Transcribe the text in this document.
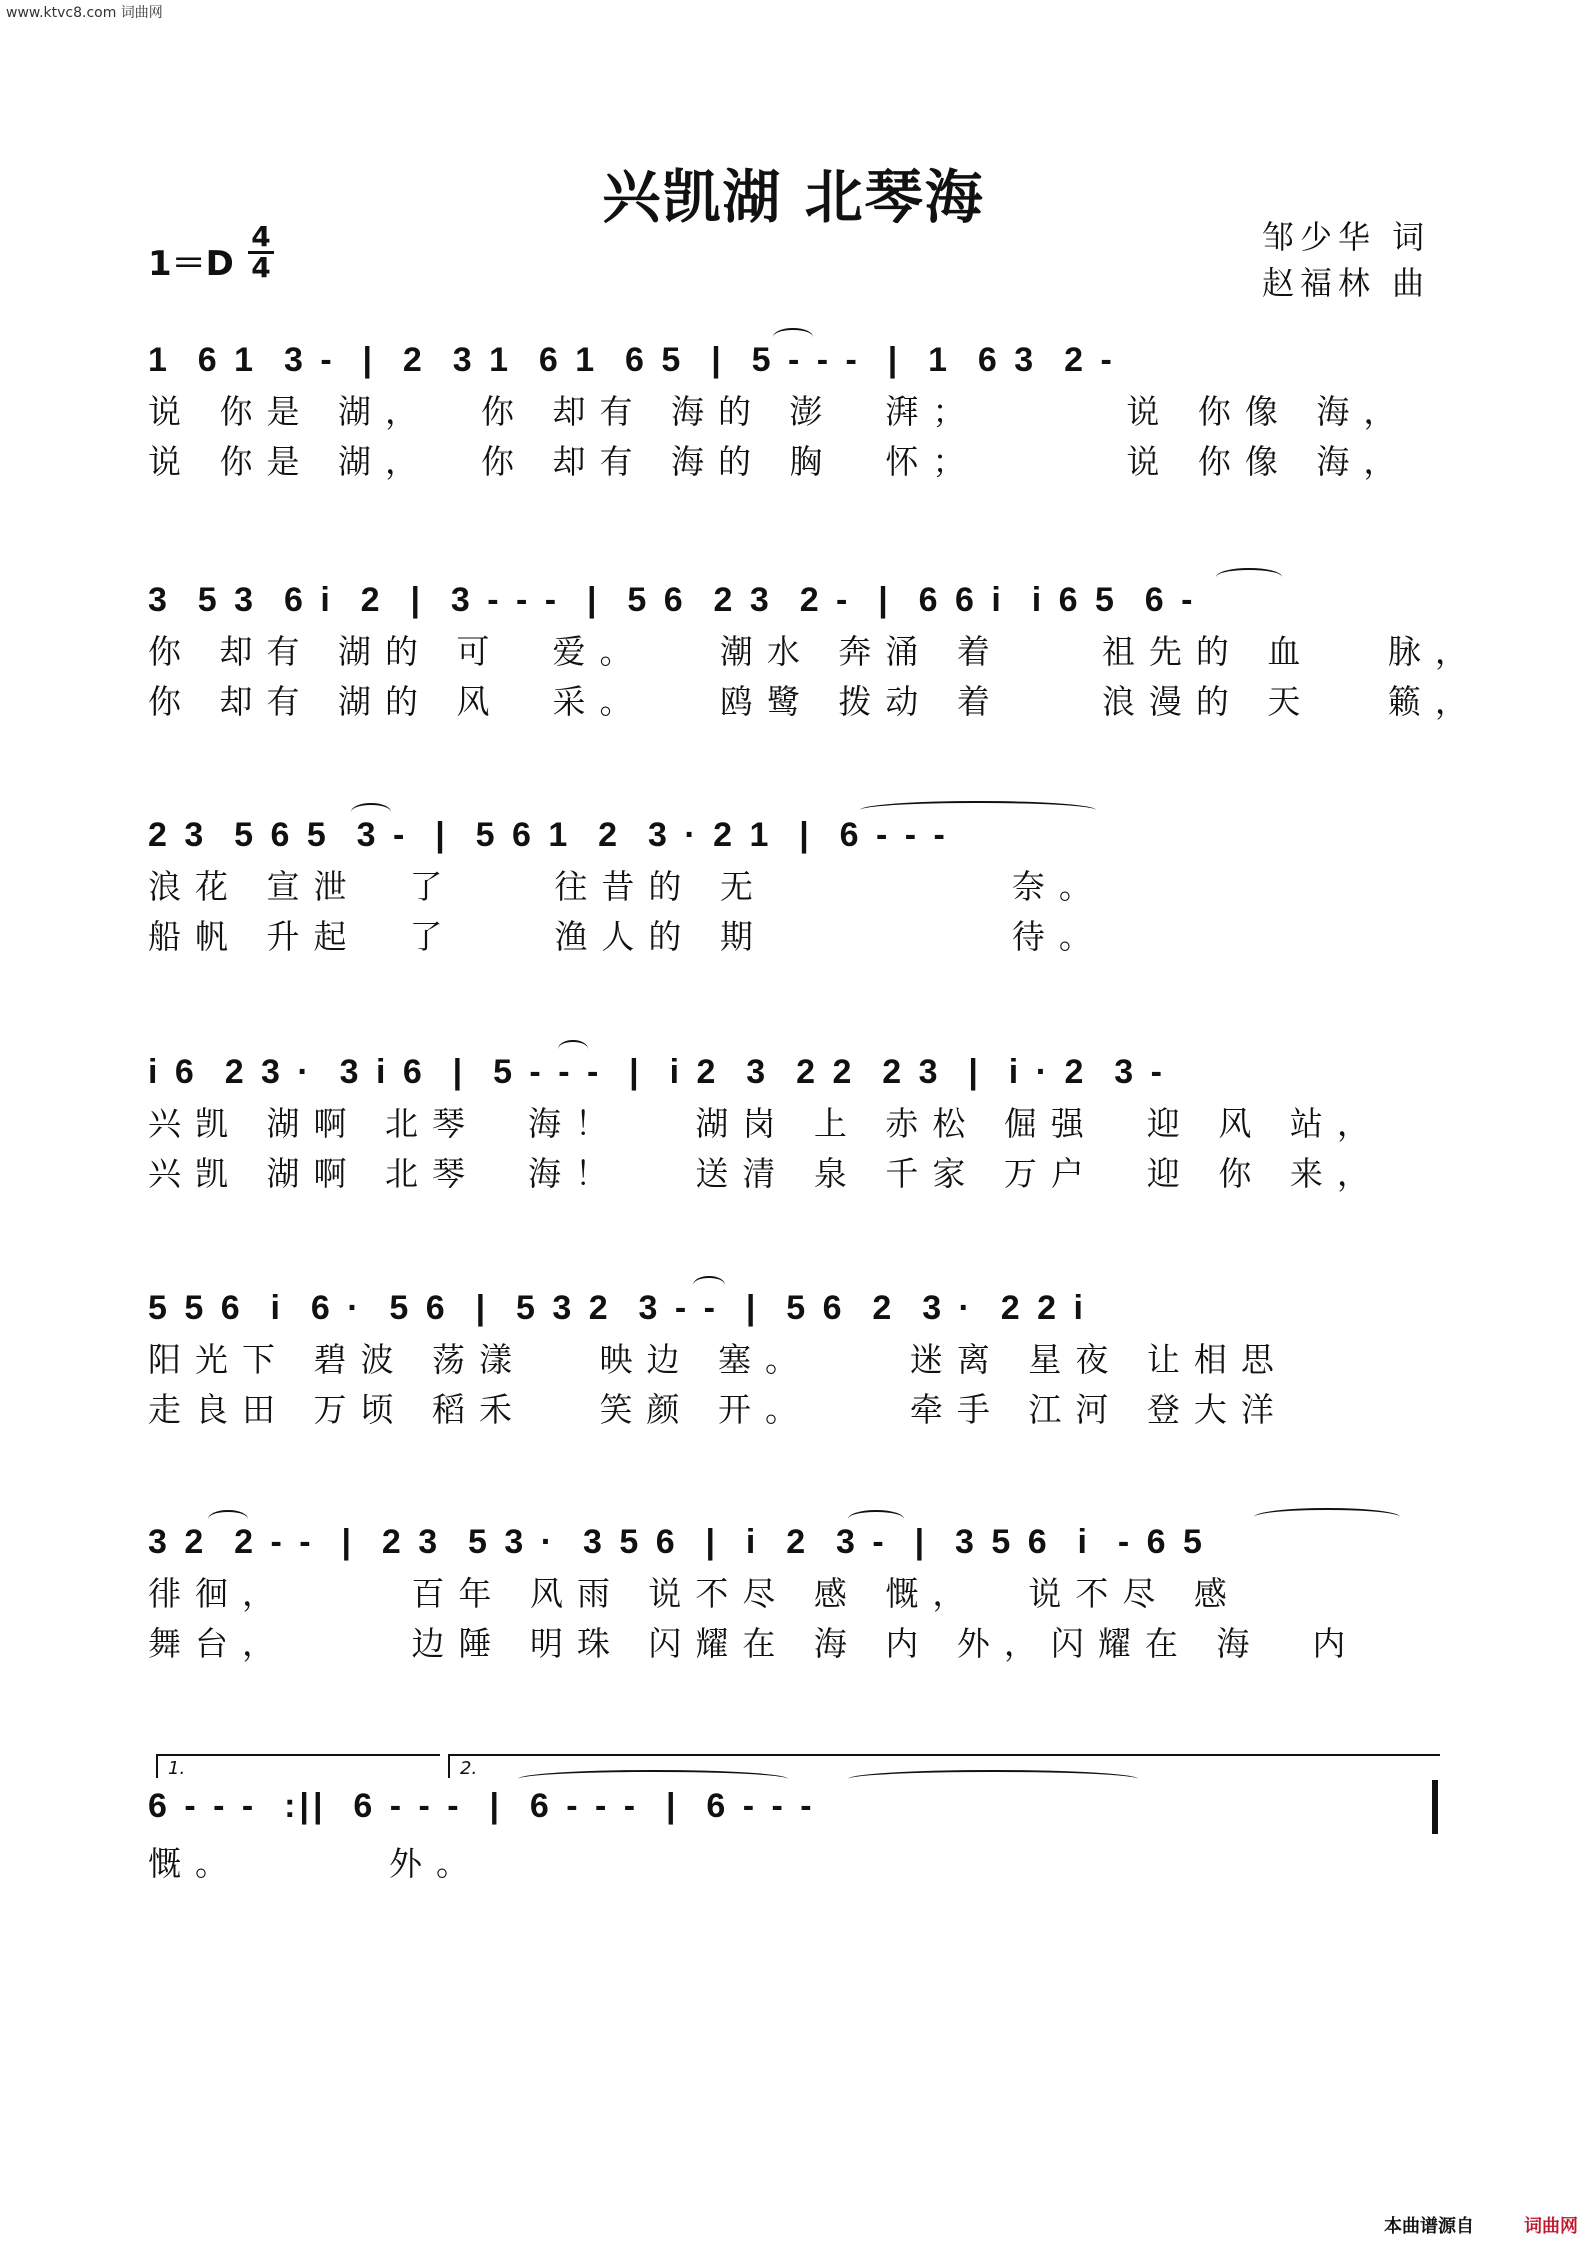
www.ktvc8.com 词曲网
兴凯湖 北琴海
1＝D
4
4
邹少华 词
赵福林 曲
1  6 1  3 -  |  2  3 1  6 1  6 5  |  5 - - -  |  1  6 3  2 -
说 你是 湖，  你 却有 海的 澎  湃；      说 你像 海，
说 你是 湖，  你 却有 海的 胸  怀；      说 你像 海，
3  5 3  6 i  2  |  3 - - -  |  5 6  2 3  2 -  |  6 6 i  i 6 5  6 -
你 却有 湖的 可  爱。   潮水 奔涌 着    祖先的 血   脉，
你 却有 湖的 风  采。   鸥鹭 拨动 着    浪漫的 天   籁，
2 3  5 6 5  3 -  |  5 6 1  2  3 · 2 1  |  6 - - -
浪花 宣泄  了    往昔的 无          奈。
船帆 升起  了    渔人的 期          待。
i 6  2 3 ·  3 i 6  |  5 - - -  |  i 2  3  2 2  2 3  |  i · 2  3 -
兴凯 湖啊 北琴  海！   湖岗 上 赤松 倔强  迎 风 站，
兴凯 湖啊 北琴  海！   送清 泉 千家 万户  迎 你 来，
5 5 6  i  6 ·  5 6  |  5 3 2  3 - -  |  5 6  2  3 ·  2 2 i
阳光下 碧波 荡漾   映边 塞。    迷离 星夜 让相思
走良田 万顷 稻禾   笑颜 开。    牵手 江河 登大洋
3 2  2 - -  |  2 3  5 3 ·  3 5 6  |  i  2  3 -  |  3 5 6  i  - 6 5
徘徊，     百年 风雨 说不尽 感 慨，  说不尽 感
舞台，     边陲 明珠 闪耀在 海 内 外，闪耀在 海  内
1.	2.
6 - - -  :||  6 - - -  |  6 - - -  |  6 - - -
慨。      外。
本曲谱源自	词曲网
